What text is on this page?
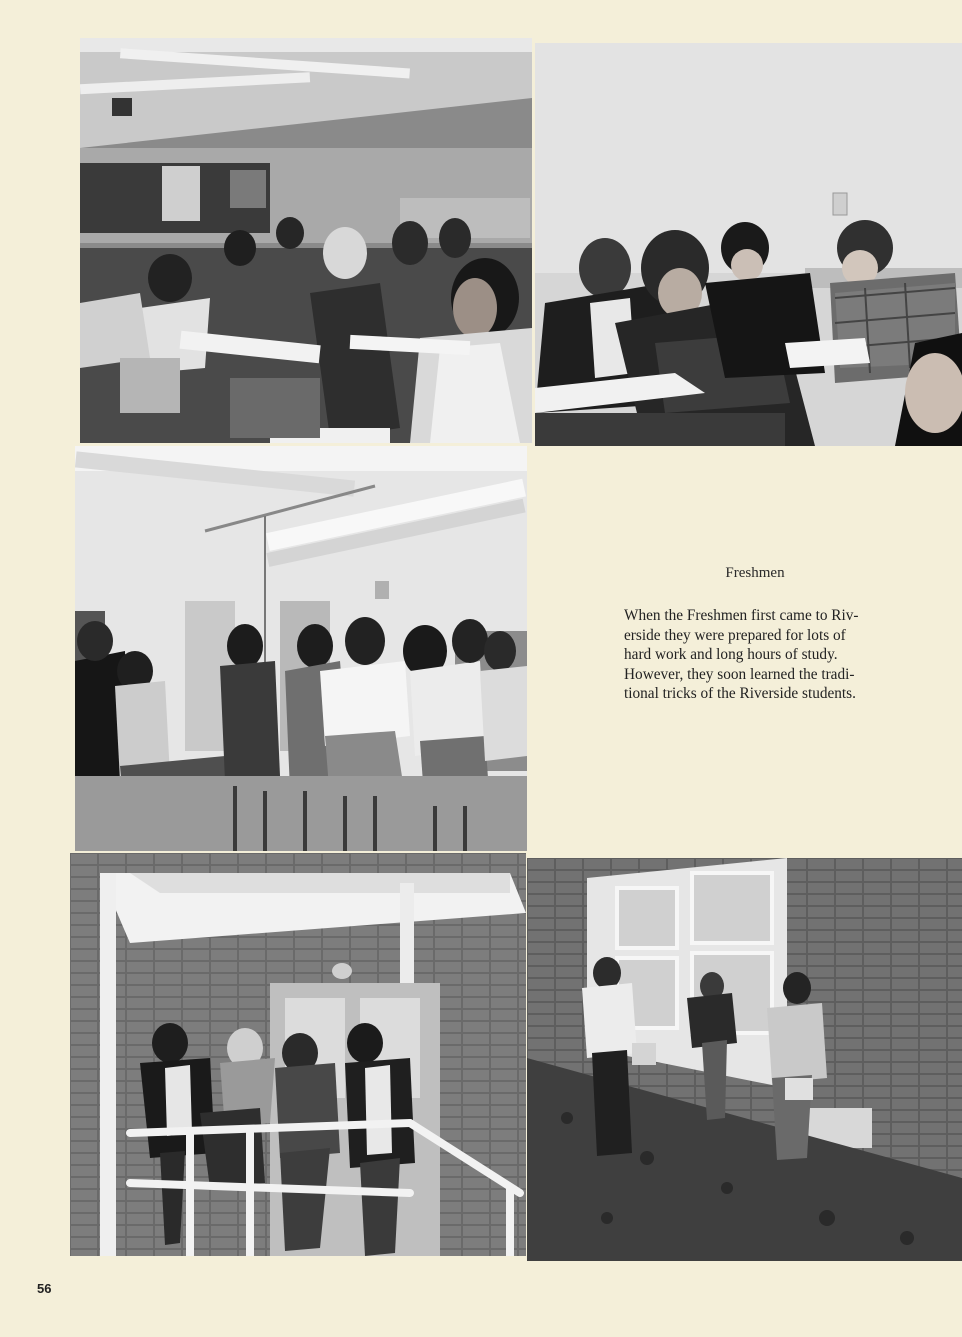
Freshmen
When the Freshmen first came to Riv-
erside they were prepared for lots of
hard work and long hours of study.
However, they soon learned the tradi-
tional tricks of the Riverside students.
56
